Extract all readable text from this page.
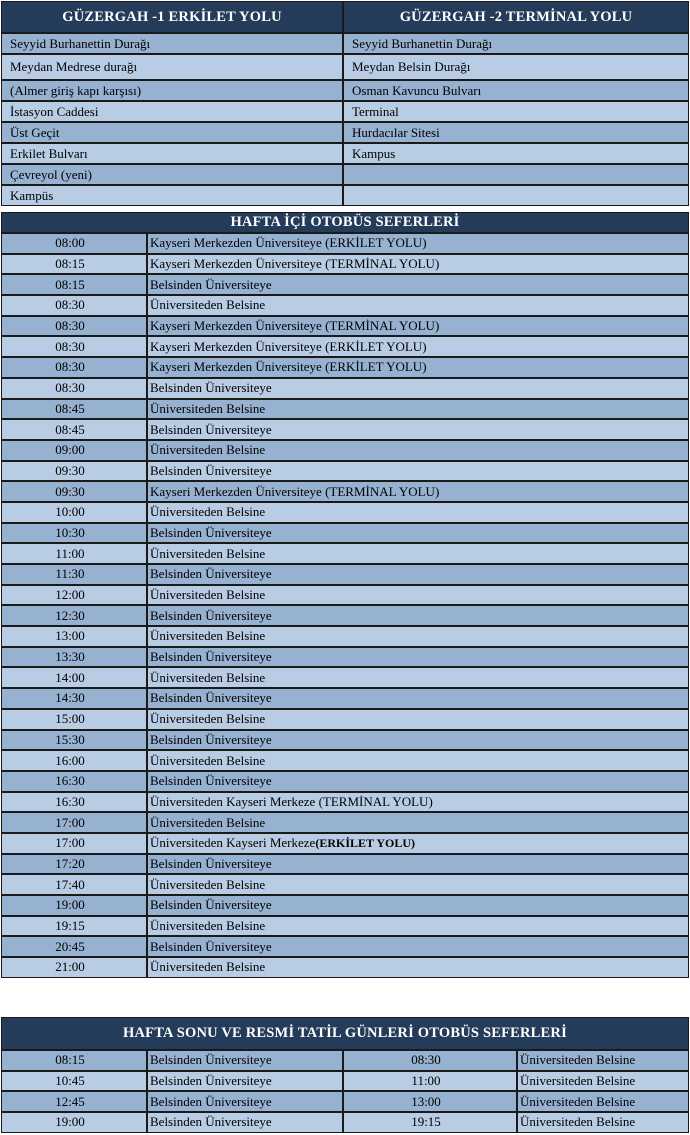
GÜZERGAH -1 ERKİLET YOLU	GÜZERGAH -2 TERMİNAL YOLU
Seyyid Burhanettin Durağı	Seyyid Burhanettin Durağı
Meydan Medrese durağı	Meydan Belsin Durağı
(Almer giriş kapı karşısı)	Osman Kavuncu Bulvarı
İstasyon Caddesi	Terminal
Üst Geçit	Hurdacılar Sitesi
Erkilet Bulvarı	Kampus
Çevreyol (yeni)
Kampüs
HAFTA İÇİ OTOBÜS SEFERLERİ
08:00	Kayseri Merkezden Üniversiteye (ERKİLET YOLU)
08:15	Kayseri Merkezden Üniversiteye (TERMİNAL YOLU)
08:15	Belsinden Üniversiteye
08:30	Üniversiteden Belsine
08:30	Kayseri Merkezden Üniversiteye (TERMİNAL YOLU)
08:30	Kayseri Merkezden Üniversiteye (ERKİLET YOLU)
08:30	Kayseri Merkezden Üniversiteye (ERKİLET YOLU)
08:30	Belsinden Üniversiteye
08:45	Üniversiteden Belsine
08:45	Belsinden Üniversiteye
09:00	Üniversiteden Belsine
09:30	Belsinden Üniversiteye
09:30	Kayseri Merkezden Üniversiteye (TERMİNAL YOLU)
10:00	Üniversiteden Belsine
10:30	Belsinden Üniversiteye
11:00	Üniversiteden Belsine
11:30	Belsinden Üniversiteye
12:00	Üniversiteden Belsine
12:30	Belsinden Üniversiteye
13:00	Üniversiteden Belsine
13:30	Belsinden Üniversiteye
14:00	Üniversiteden Belsine
14:30	Belsinden Üniversiteye
15:00	Üniversiteden Belsine
15:30	Belsinden Üniversiteye
16:00	Üniversiteden Belsine
16:30	Belsinden Üniversiteye
16:30	Üniversiteden Kayseri Merkeze (TERMİNAL YOLU)
17:00	Üniversiteden Belsine
17:00	Üniversiteden Kayseri Merkeze (ERKİLET YOLU)
17:20	Belsinden Üniversiteye
17:40	Üniversiteden Belsine
19:00	Belsinden Üniversiteye
19:15	Üniversiteden Belsine
20:45	Belsinden Üniversiteye
21:00	Üniversiteden Belsine
HAFTA SONU VE RESMİ TATİL GÜNLERİ OTOBÜS SEFERLERİ
08:15	Belsinden Üniversiteye	08:30	Üniversiteden Belsine
10:45	Belsinden Üniversiteye	11:00	Üniversiteden Belsine
12:45	Belsinden Üniversiteye	13:00	Üniversiteden Belsine
19:00	Belsinden Üniversiteye	19:15	Üniversiteden Belsine
